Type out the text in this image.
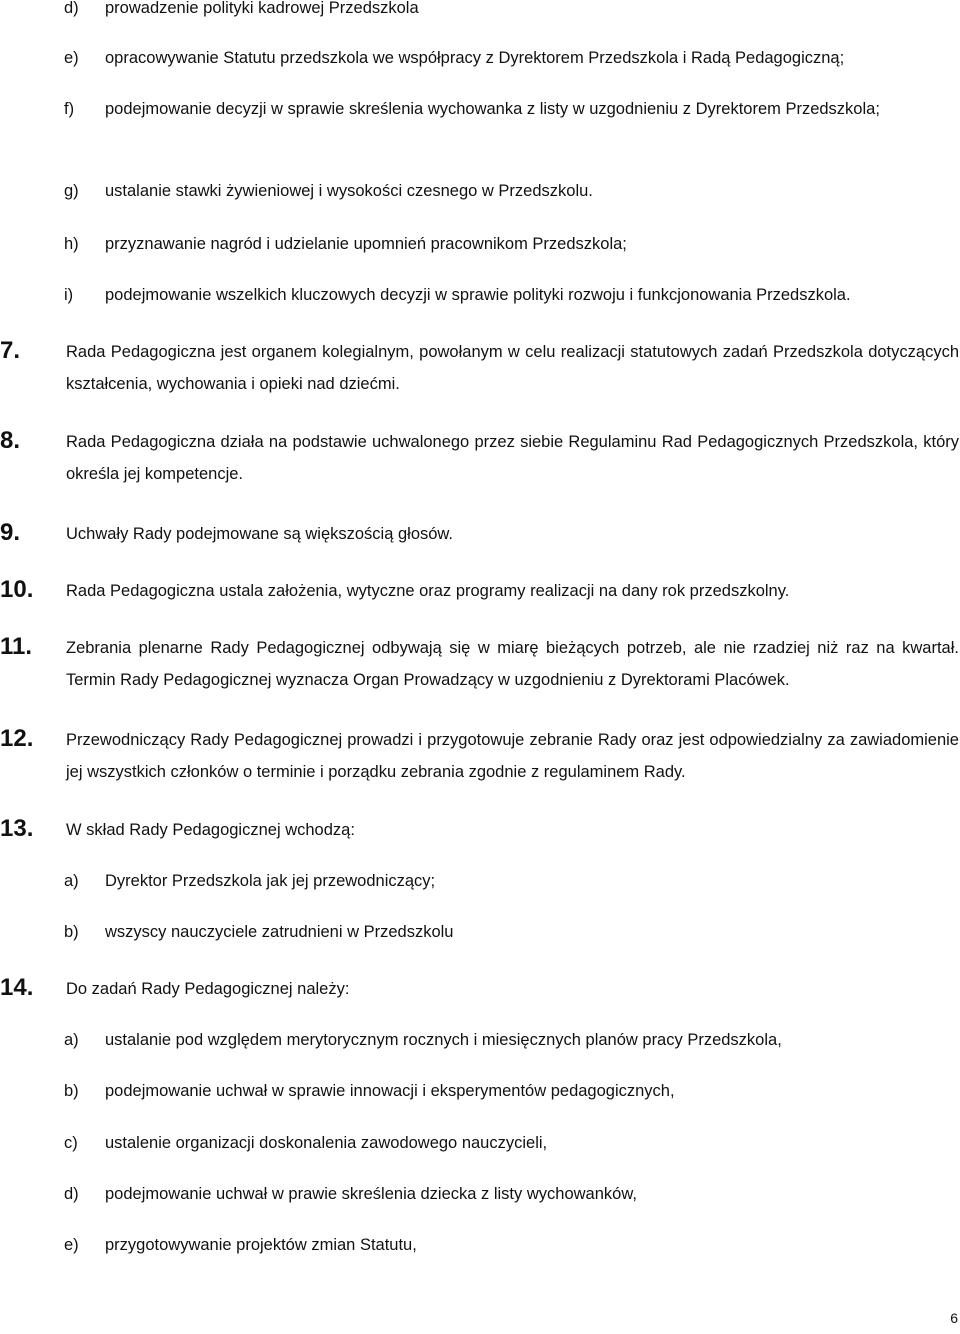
d) prowadzenie polityki kadrowej Przedszkola
e) opracowywanie Statutu przedszkola we współpracy z Dyrektorem Przedszkola i Radą Pedagogiczną;
f) podejmowanie decyzji w sprawie skreślenia wychowanka z listy w uzgodnieniu z Dyrektorem Przedszkola;
g) ustalanie stawki żywieniowej i wysokości czesnego w Przedszkolu.
h) przyznawanie nagród i udzielanie upomnień pracownikom Przedszkola;
i) podejmowanie wszelkich kluczowych decyzji w sprawie polityki rozwoju i funkcjonowania Przedszkola.
7.	Rada Pedagogiczna jest organem kolegialnym, powołanym w celu realizacji statutowych zadań Przedszkola dotyczących kształcenia, wychowania i opieki nad dziećmi.
8.	Rada Pedagogiczna działa na podstawie uchwalonego przez siebie Regulaminu Rad Pedagogicznych Przedszkola, który określa jej kompetencje.
9.	Uchwały Rady podejmowane są większością głosów.
10. Rada Pedagogiczna ustala założenia, wytyczne oraz programy realizacji na dany rok przedszkolny.
11. Zebrania plenarne Rady Pedagogicznej odbywają się w miarę bieżących potrzeb, ale nie rzadziej niż raz na kwartał. Termin Rady Pedagogicznej wyznacza Organ Prowadzący w uzgodnieniu z Dyrektorami Placówek.
12. Przewodniczący Rady Pedagogicznej prowadzi i przygotowuje zebranie Rady oraz jest odpowiedzialny za zawiadomienie jej wszystkich członków o terminie i porządku zebrania zgodnie z regulaminem Rady.
13. W skład Rady Pedagogicznej wchodzą:
a) Dyrektor Przedszkola jak jej przewodniczący;
b) wszyscy nauczyciele zatrudnieni w Przedszkolu
14. Do zadań Rady Pedagogicznej należy:
a) ustalanie pod względem merytorycznym rocznych i miesięcznych planów pracy Przedszkola,
b) podejmowanie uchwał w sprawie innowacji i eksperymentów pedagogicznych,
c) ustalenie organizacji doskonalenia zawodowego nauczycieli,
d) podejmowanie uchwał w prawie skreślenia dziecka z listy wychowanków,
e) przygotowywanie projektów zmian Statutu,
6
